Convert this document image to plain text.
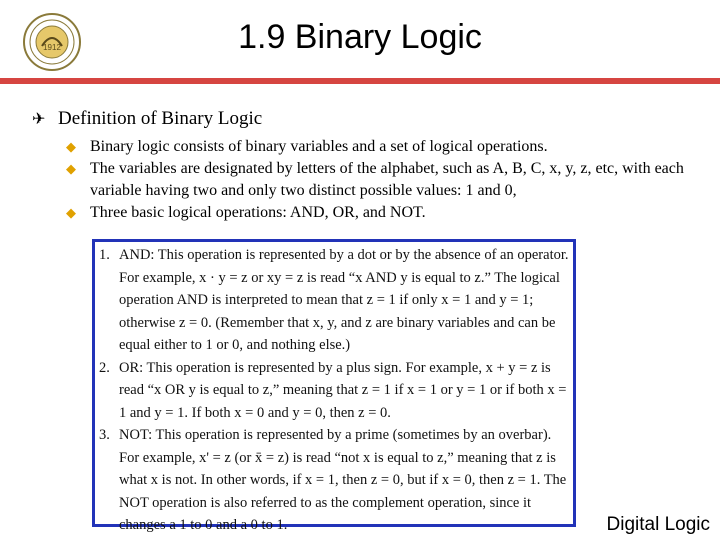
1912	1.9 Binary Logic
✈ Definition of Binary Logic
◆ Binary logic consists of binary variables and a set of logical operations.
◆ The variables are designated by letters of the alphabet, such as A, B, C, x, y, z, etc, with each variable having two and only two distinct possible values: 1 and 0,
◆ Three basic logical operations: AND, OR, and NOT.
1. AND: This operation is represented by a dot or by the absence of an operator. For example, x · y = z or xy = z is read “x AND y is equal to z.” The logical operation AND is interpreted to mean that z = 1 if only x = 1 and y = 1; otherwise z = 0. (Remember that x, y, and z are binary variables and can be equal either to 1 or 0, and nothing else.)
2. OR: This operation is represented by a plus sign. For example, x + y = z is read “x OR y is equal to z,” meaning that z = 1 if x = 1 or y = 1 or if both x = 1 and y = 1. If both x = 0 and y = 0, then z = 0.
3. NOT: This operation is represented by a prime (sometimes by an overbar). For example, x' = z (or x̄ = z) is read “not x is equal to z,” meaning that z is what x is not. In other words, if x = 1, then z = 0, but if x = 0, then z = 1. The NOT operation is also referred to as the complement operation, since it changes a 1 to 0 and a 0 to 1.	Digital Logic
